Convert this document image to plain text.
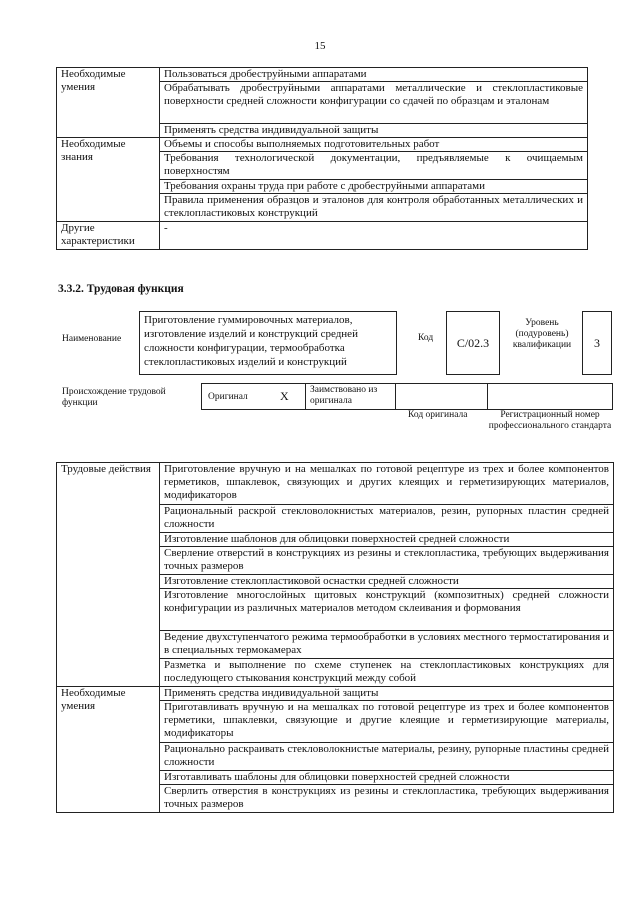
15
Необходимые умения	Пользоваться дробеструйными аппаратами
	Обрабатывать дробеструйными аппаратами металлические и стеклопластиковые поверхности средней сложности конфигурации со сдачей по образцам и эталонам
	Применять средства индивидуальной защиты
Необходимые знания	Объемы и способы выполняемых подготовительных работ
	Требования технологической документации, предъявляемые к очищаемым поверхностям
	Требования охраны труда при работе с дробеструйными аппаратами
	Правила применения образцов и эталонов для контроля обработанных металлических и стеклопластиковых конструкций
Другие характеристики	-
3.3.2. Трудовая функция
Наименование
Приготовление гуммировочных материалов, изготовление изделий и конструкций средней сложности конфигурации, термообработка стеклопластиковых изделий и конструкций
Код	С/02.3
Уровень (подуровень) квалификации	3
Происхождение трудовой функции
Оригинал	Х	Заимствовано из оригинала
Код оригинала	Регистрационный номер профессионального стандарта
Трудовые действия	Приготовление вручную и на мешалках по готовой рецептуре из трех и более компонентов герметиков, шпаклевок, связующих и других клеящих и герметизирующих материалов, модификаторов
	Рациональный раскрой стекловолокнистых материалов, резин, рупорных пластин средней сложности
	Изготовление шаблонов для облицовки поверхностей средней сложности
	Сверление отверстий в конструкциях из резины и стеклопластика, требующих выдерживания точных размеров
	Изготовление стеклопластиковой оснастки средней сложности
	Изготовление многослойных щитовых конструкций (композитных) средней сложности конфигурации из различных материалов методом склеивания и формования
	Ведение двухступенчатого режима термообработки в условиях местного термостатирования и в специальных термокамерах
	Разметка и выполнение по схеме ступенек на стеклопластиковых конструкциях для последующего стыкования конструкций между собой
Необходимые умения	Применять средства индивидуальной защиты
	Приготавливать вручную и на мешалках по готовой рецептуре из трех и более компонентов герметики, шпаклевки, связующие и другие клеящие и герметизирующие материалы, модификаторы
	Рационально раскраивать стекловолокнистые материалы, резину, рупорные пластины средней сложности
	Изготавливать шаблоны для облицовки поверхностей средней сложности
	Сверлить отверстия в конструкциях из резины и стеклопластика, требующих выдерживания точных размеров
